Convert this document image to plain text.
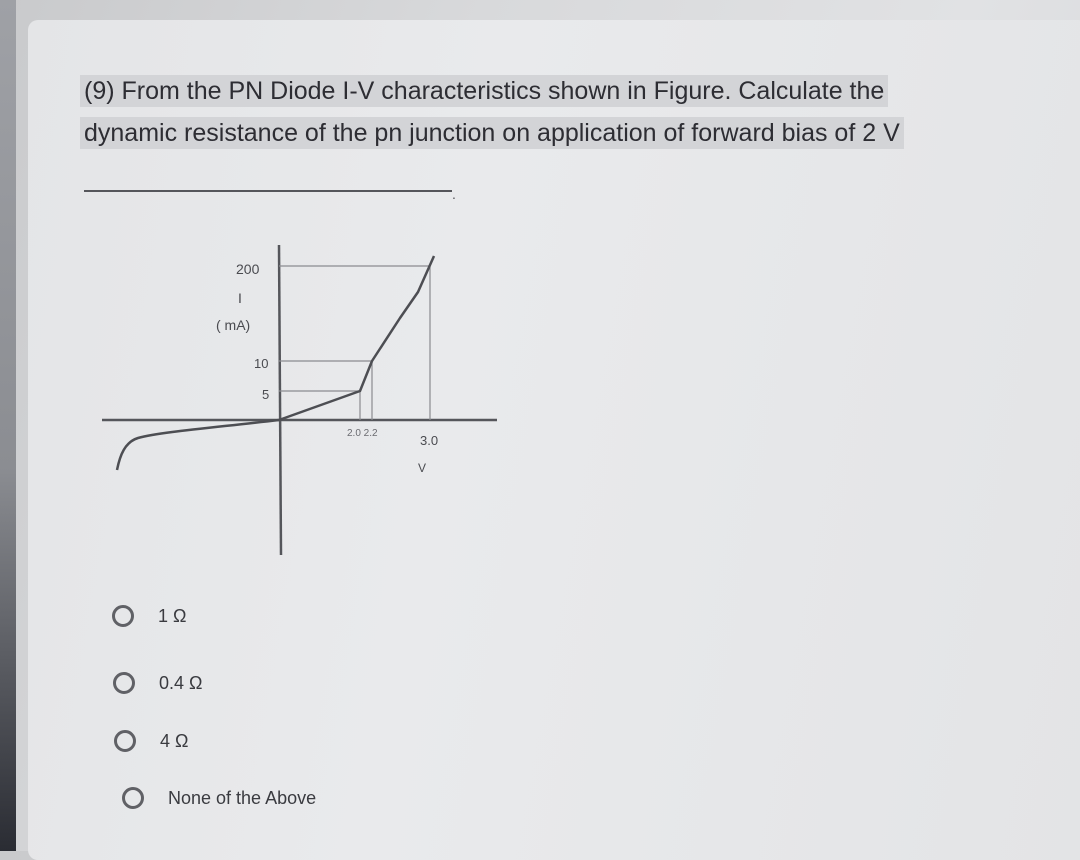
(9) From the PN Diode I-V characteristics shown in Figure. Calculate the
dynamic resistance of the pn junction on application of forward bias of 2 V
.
200
I
( mA)
10
5
2.0 2.2	3.0
V
1 Ω
0.4 Ω
4 Ω
None of the Above
